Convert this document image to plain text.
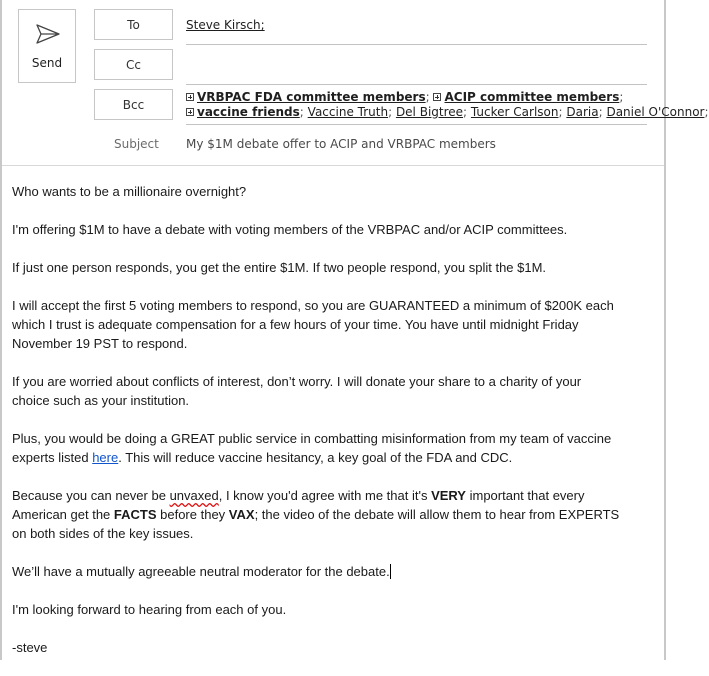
Send
To
Cc
Bcc
Steve Kirsch;
VRBPAC FDA committee members; ACIP committee members;
vaccine friends; Vaccine Truth; Del Bigtree; Tucker Carlson; Daria; Daniel O'Connor;
Subject My $1M debate offer to ACIP and VRBPAC members

Who wants to be a millionaire overnight?

I'm offering $1M to have a debate with voting members of the VRBPAC and/or ACIP committees.

If just one person responds, you get the entire $1M. If two people respond, you split the $1M.

I will accept the first 5 voting members to respond, so you are GUARANTEED a minimum of $200K each
which I trust is adequate compensation for a few hours of your time. You have until midnight Friday
November 19 PST to respond.

If you are worried about conflicts of interest, don’t worry. I will donate your share to a charity of your
choice such as your institution.

Plus, you would be doing a GREAT public service in combatting misinformation from my team of vaccine
experts listed here. This will reduce vaccine hesitancy, a key goal of the FDA and CDC.

Because you can never be unvaxed, I know you'd agree with me that it's VERY important that every
American get the FACTS before they VAX; the video of the debate will allow them to hear from EXPERTS
on both sides of the key issues.

We’ll have a mutually agreeable neutral moderator for the debate.

I'm looking forward to hearing from each of you.

-steve
